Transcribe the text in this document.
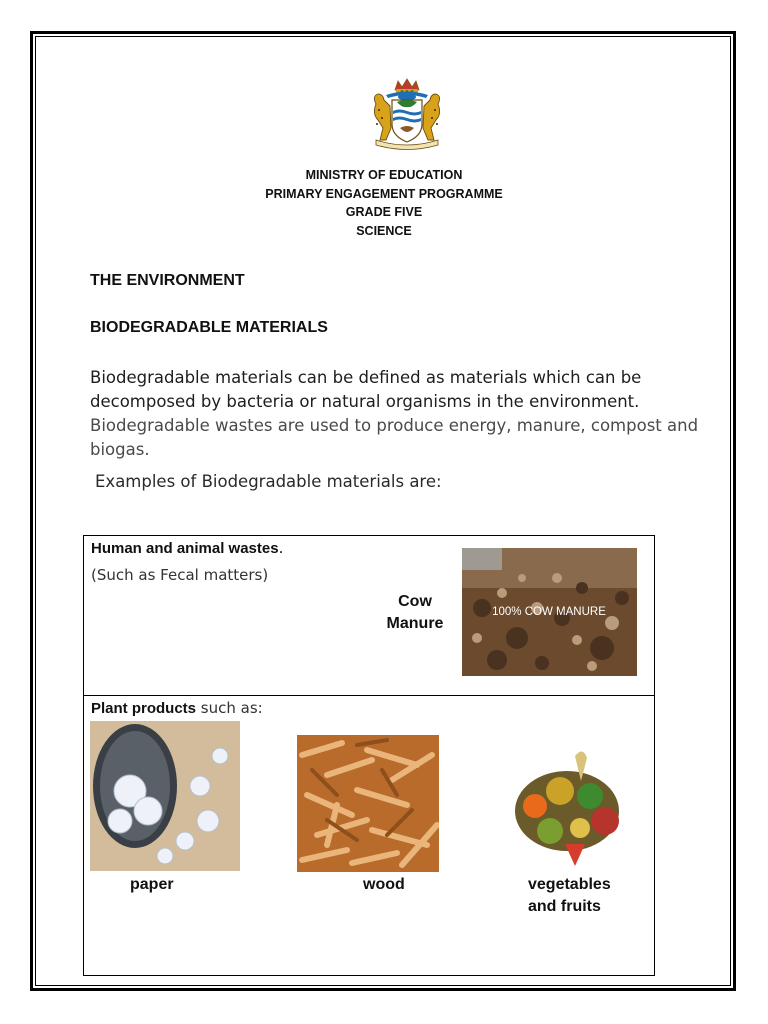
MINISTRY OF EDUCATION
PRIMARY ENGAGEMENT PROGRAMME
GRADE FIVE
SCIENCE
THE ENVIRONMENT
BIODEGRADABLE MATERIALS
Biodegradable materials can be defined as materials which can be decomposed by bacteria or natural organisms in the environment. Biodegradable wastes are used to produce energy, manure, compost and biogas.
Examples of Biodegradable materials are:
Human and animal wastes.
(Such as Fecal matters)
Cow
Manure
100% COW MANURE
Plant products such as:
paper	wood	vegetables
and fruits
